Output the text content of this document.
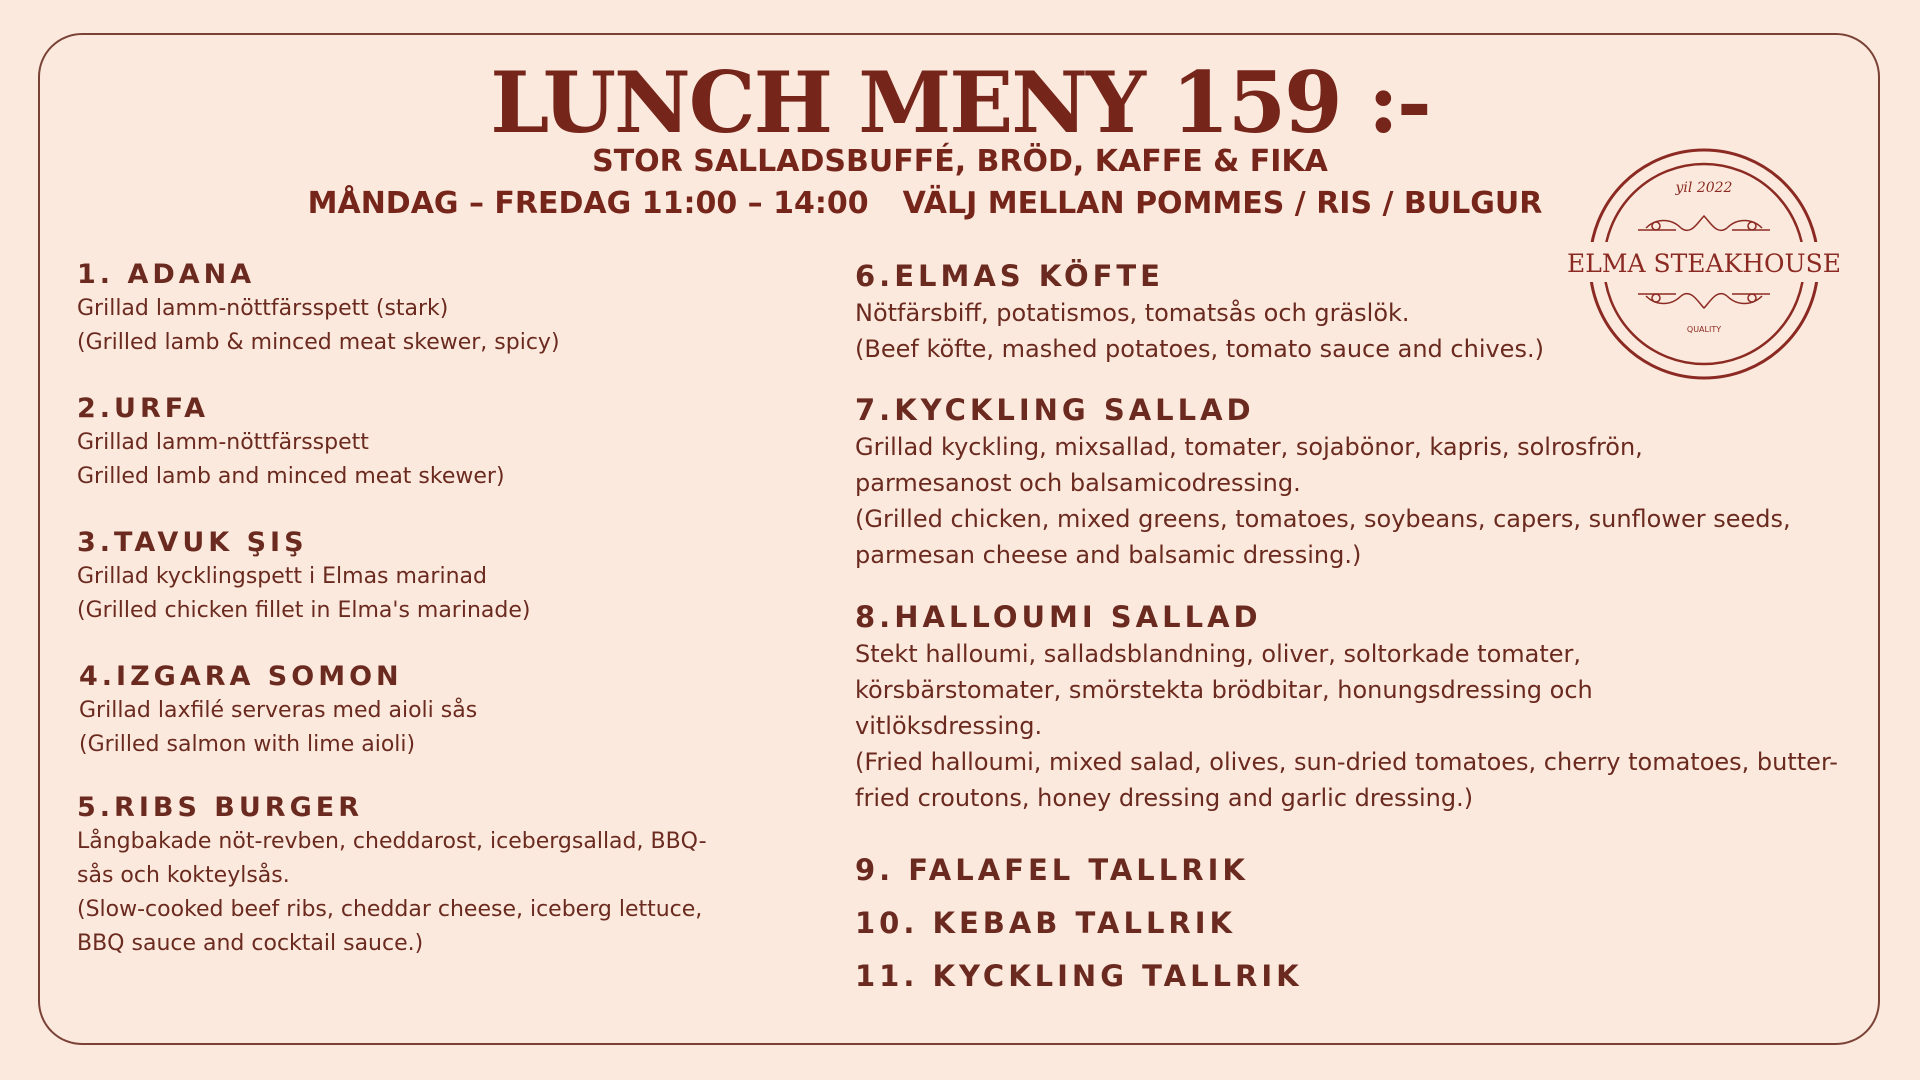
LUNCH MENY 159 :-
STOR SALLADSBUFFÉ, BRÖD, KAFFE & FIKA
MÅNDAG – FREDAG 11:00 – 14:00 VÄLJ MELLAN POMMES / RIS / BULGUR	yil 2022
ELMA STEAKHOUSE
QUALITY
1. ADANA

Grillad lamm-nöttfärsspett (stark)

(Grilled lamb & minced meat skewer, spicy)

2.URFA

Grillad lamm-nöttfärsspett

Grilled lamb and minced meat skewer)

3.TAVUK ŞIŞ

Grillad kycklingspett i Elmas marinad

(Grilled chicken fillet in Elma's marinade)

4.IZGARA SOMON

Grillad laxfilé serveras med aioli sås

(Grilled salmon with lime aioli)

5.RIBS BURGER

Långbakade nöt-revben, cheddarost, icebergsallad, BBQ-sås och kokteylsås.

(Slow-cooked beef ribs, cheddar cheese, iceberg lettuce, BBQ sauce and cocktail sauce.)

6.ELMAS KÖFTE

Nötfärsbiff, potatismos, tomatsås och gräslök.

(Beef köfte, mashed potatoes, tomato sauce and chives.)

7.KYCKLING SALLAD

Grillad kyckling, mixsallad, tomater, sojabönor, kapris, solrosfrön, parmesanost och balsamicodressing.

(Grilled chicken, mixed greens, tomatoes, soybeans, capers, sunflower seeds, parmesan cheese and balsamic dressing.)

8.HALLOUMI SALLAD

Stekt halloumi, salladsblandning, oliver, soltorkade tomater, körsbärstomater, smörstekta brödbitar, honungsdressing och vitlöksdressing.

(Fried halloumi, mixed salad, olives, sun-dried tomatoes, cherry tomatoes, butter-fried croutons, honey dressing and garlic dressing.)

9. FALAFEL TALLRIK
10. KEBAB TALLRIK
11. KYCKLING TALLRIK
